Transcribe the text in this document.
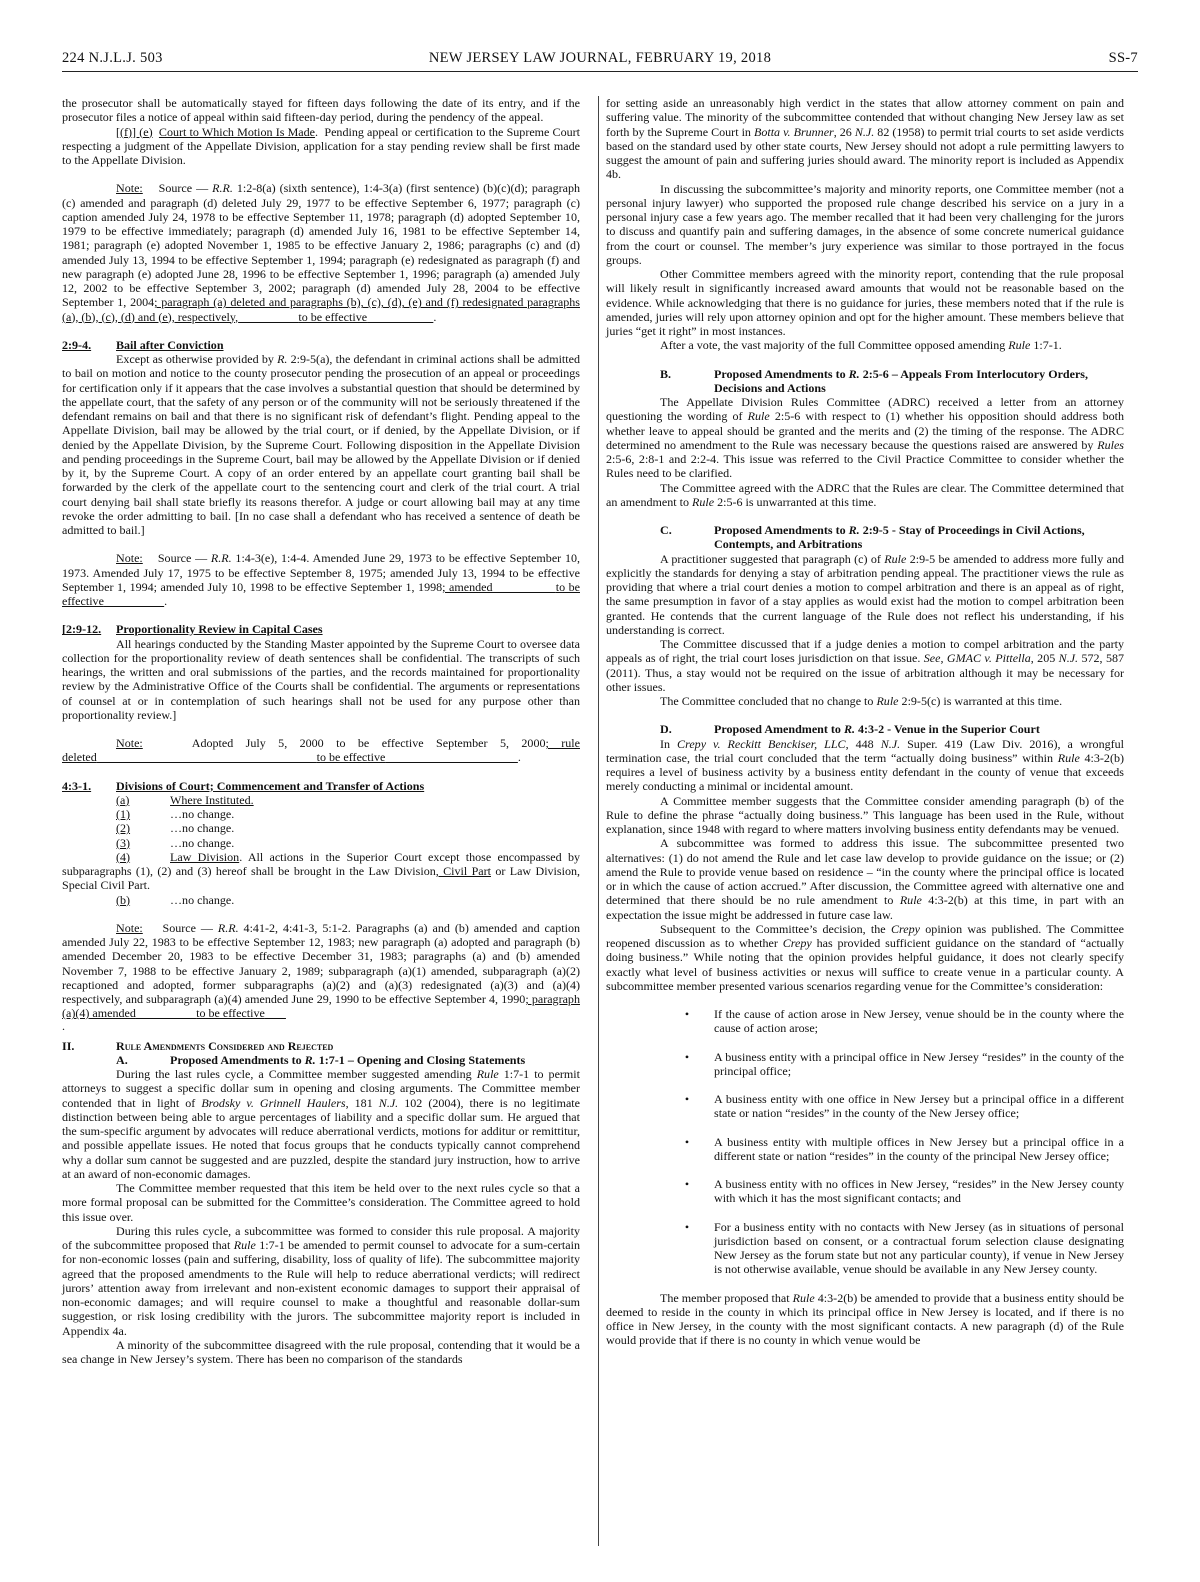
224 N.J.L.J. 503	NEW JERSEY LAW JOURNAL, FEBRUARY 19, 2018	SS-7

the prosecutor shall be automatically stayed for fifteen days following the date of its entry, and if the prosecutor files a notice of appeal within said fifteen-day period, during the pendency of the appeal.

[(f)] (e) Court to Which Motion Is Made.  Pending appeal or certification to the Supreme Court respecting a judgment of the Appellate Division, application for a stay pending review shall be first made to the Appellate Division.

Note: Source — R.R. 1:2-8(a) (sixth sentence), 1:4-3(a) (first sentence) (b)(c)(d); paragraph (c) amended and paragraph (d) deleted July 29, 1977 to be effective September 6, 1977; paragraph (c) caption amended July 24, 1978 to be effective September 11, 1978; paragraph (d) adopted September 10, 1979 to be effective immediately; paragraph (d) amended July 16, 1981 to be effective September 14, 1981; paragraph (e) adopted November 1, 1985 to be effective January 2, 1986; paragraphs (c) and (d) amended July 13, 1994 to be effective September 1, 1994; paragraph (e) redesignated as paragraph (f) and new paragraph (e) adopted June 28, 1996 to be effective September 1, 1996; paragraph (a) amended July 12, 2002 to be effective September 3, 2002; paragraph (d) amended July 28, 2004 to be effective September 1, 2004; paragraph (a) deleted and paragraphs (b), (c), (d), (e) and (f) redesignated paragraphs (a), (b), (c), (d) and (e), respectively,	to be effective	.

2:9-4. Bail after Conviction

Except as otherwise provided by R. 2:9-5(a), the defendant in criminal actions shall be admitted to bail on motion and notice to the county prosecutor pending the prosecution of an appeal or proceedings for certification only if it appears that the case involves a substantial question that should be determined by the appellate court, that the safety of any person or of the community will not be seriously threatened if the defendant remains on bail and that there is no significant risk of defendant’s flight. Pending appeal to the Appellate Division, bail may be allowed by the trial court, or if denied, by the Appellate Division, or if denied by the Appellate Division, by the Supreme Court. Following disposition in the Appellate Division and pending proceedings in the Supreme Court, bail may be allowed by the Appellate Division or if denied by it, by the Supreme Court. A copy of an order entered by an appellate court granting bail shall be forwarded by the clerk of the appellate court to the sentencing court and clerk of the trial court. A trial court denying bail shall state briefly its reasons therefor. A judge or court allowing bail may at any time revoke the order admitting to bail. [In no case shall a defendant who has received a sentence of death be admitted to bail.]

Note: Source — R.R. 1:4-3(e), 1:4-4. Amended June 29, 1973 to be effective September 10, 1973. Amended July 17, 1975 to be effective September 8, 1975; amended July 13, 1994 to be effective September 1, 1994; amended July 10, 1998 to be effective September 1, 1998; amended	to be effective	.

[2:9-12. Proportionality Review in Capital Cases

All hearings conducted by the Standing Master appointed by the Supreme Court to oversee data collection for the proportionality review of death sentences shall be confidential. The transcripts of such hearings, the written and oral submissions of the parties, and the records maintained for proportionality review by the Administrative Office of the Courts shall be confidential. The arguments or representations of counsel at or in contemplation of such hearings shall not be used for any purpose other than proportionality review.]

Note:	Adopted July 5, 2000 to be effective September 5, 2000; rule deleted	to be effective	.

4:3-1. Divisions of Court; Commencement and Transfer of Actions

(a)	Where Instituted.
(1)	…no change.
(2)	…no change.
(3)	…no change.

(4)	Law Division. All actions in the Superior Court except those encompassed by subparagraphs (1), (2) and (3) hereof shall be brought in the Law Division, Civil Part or Law Division, Special Civil Part.

(b)	…no change.

Note: Source — R.R. 4:41-2, 4:41-3, 5:1-2. Paragraphs (a) and (b) amended and caption amended July 22, 1983 to be effective September 12, 1983; new paragraph (a) adopted and paragraph (b) amended December 20, 1983 to be effective December 31, 1983; paragraphs (a) and (b) amended November 7, 1988 to be effective January 2, 1989; subparagraph (a)(1) amended, subparagraph (a)(2) recaptioned and adopted, former subparagraphs (a)(2) and (a)(3) redesignated (a)(3) and (a)(4) respectively, and subparagraph (a)(4) amended June 29, 1990 to be effective September 4, 1990; paragraph (a)(4) amended	to be effective

.

II.	Rule Amendments Considered and Rejected
A.	Proposed Amendments to R. 1:7-1 – Opening and Closing Statements

During the last rules cycle, a Committee member suggested amending Rule 1:7-1 to permit attorneys to suggest a specific dollar sum in opening and closing arguments. The Committee member contended that in light of Brodsky v. Grinnell Haulers, 181 N.J. 102 (2004), there is no legitimate distinction between being able to argue percentages of liability and a specific dollar sum. He argued that the sum-specific argument by advocates will reduce aberrational verdicts, motions for additur or remittitur, and possible appellate issues. He noted that focus groups that he conducts typically cannot comprehend why a dollar sum cannot be suggested and are puzzled, despite the standard jury instruction, how to arrive at an award of non-economic damages.

The Committee member requested that this item be held over to the next rules cycle so that a more formal proposal can be submitted for the Committee’s consideration. The Committee agreed to hold this issue over.

During this rules cycle, a subcommittee was formed to consider this rule proposal. A majority of the subcommittee proposed that Rule 1:7-1 be amended to permit counsel to advocate for a sum-certain for non-economic losses (pain and suffering, disability, loss of quality of life). The subcommittee majority agreed that the proposed amendments to the Rule will help to reduce aberrational verdicts; will redirect jurors’ attention away from irrelevant and non-existent economic damages to support their appraisal of non-economic damages; and will require counsel to make a thoughtful and reasonable dollar-sum suggestion, or risk losing credibility with the jurors. The subcommittee majority report is included in Appendix 4a.

A minority of the subcommittee disagreed with the rule proposal, contending that it would be a sea change in New Jersey’s system. There has been no comparison of the standards

for setting aside an unreasonably high verdict in the states that allow attorney comment on pain and suffering value. The minority of the subcommittee contended that without changing New Jersey law as set forth by the Supreme Court in Botta v. Brunner, 26 N.J. 82 (1958) to permit trial courts to set aside verdicts based on the standard used by other state courts, New Jersey should not adopt a rule permitting lawyers to suggest the amount of pain and suffering juries should award. The minority report is included as Appendix 4b.

In discussing the subcommittee’s majority and minority reports, one Committee member (not a personal injury lawyer) who supported the proposed rule change described his service on a jury in a personal injury case a few years ago. The member recalled that it had been very challenging for the jurors to discuss and quantify pain and suffering damages, in the absence of some concrete numerical guidance from the court or counsel. The member’s jury experience was similar to those portrayed in the focus groups.

Other Committee members agreed with the minority report, contending that the rule proposal will likely result in significantly increased award amounts that would not be reasonable based on the evidence. While acknowledging that there is no guidance for juries, these members noted that if the rule is amended, juries will rely upon attorney opinion and opt for the higher amount. These members believe that juries “get it right” in most instances.

After a vote, the vast majority of the full Committee opposed amending Rule 1:7-1.

B.	Proposed Amendments to R. 2:5-6 – Appeals From Interlocutory Orders, Decisions and Actions

The Appellate Division Rules Committee (ADRC) received a letter from an attorney questioning the wording of Rule 2:5-6 with respect to (1) whether his opposition should address both whether leave to appeal should be granted and the merits and (2) the timing of the response. The ADRC determined no amendment to the Rule was necessary because the questions raised are answered by Rules 2:5-6, 2:8-1 and 2:2-4. This issue was referred to the Civil Practice Committee to consider whether the Rules need to be clarified.

The Committee agreed with the ADRC that the Rules are clear. The Committee determined that an amendment to Rule 2:5-6 is unwarranted at this time.

C.	Proposed Amendments to R. 2:9-5 - Stay of Proceedings in Civil Actions, Contempts, and Arbitrations

A practitioner suggested that paragraph (c) of Rule 2:9-5 be amended to address more fully and explicitly the standards for denying a stay of arbitration pending appeal. The practitioner views the rule as providing that where a trial court denies a motion to compel arbitration and there is an appeal as of right, the same presumption in favor of a stay applies as would exist had the motion to compel arbitration been granted. He contends that the current language of the Rule does not reflect his understanding, if his understanding is correct.

The Committee discussed that if a judge denies a motion to compel arbitration and the party appeals as of right, the trial court loses jurisdiction on that issue. See, GMAC v. Pittella, 205 N.J. 572, 587 (2011). Thus, a stay would not be required on the issue of arbitration although it may be necessary for other issues.

The Committee concluded that no change to Rule 2:9-5(c) is warranted at this time.

D.	Proposed Amendment to R. 4:3-2 - Venue in the Superior Court

In Crepy v. Reckitt Benckiser, LLC, 448 N.J. Super. 419 (Law Div. 2016), a wrongful termination case, the trial court concluded that the term “actually doing business” within Rule 4:3-2(b) requires a level of business activity by a business entity defendant in the county of venue that exceeds merely conducting a minimal or incidental amount.

A Committee member suggests that the Committee consider amending paragraph (b) of the Rule to define the phrase “actually doing business.” This language has been used in the Rule, without explanation, since 1948 with regard to where matters involving business entity defendants may be venued.

A subcommittee was formed to address this issue. The subcommittee presented two alternatives: (1) do not amend the Rule and let case law develop to provide guidance on the issue; or (2) amend the Rule to provide venue based on residence – “in the county where the principal office is located or in which the cause of action accrued.” After discussion, the Committee agreed with alternative one and determined that there should be no rule amendment to Rule 4:3-2(b) at this time, in part with an expectation the issue might be addressed in future case law.

Subsequent to the Committee’s decision, the Crepy opinion was published. The Committee reopened discussion as to whether Crepy has provided sufficient guidance on the standard of “actually doing business.” While noting that the opinion provides helpful guidance, it does not clearly specify exactly what level of business activities or nexus will suffice to create venue in a particular county. A subcommittee member presented various scenarios regarding venue for the Committee’s consideration:

•	If the cause of action arose in New Jersey, venue should be in the county where the cause of action arose;
•	A business entity with a principal office in New Jersey “resides” in the county of the principal office;
•	A business entity with one office in New Jersey but a principal office in a different state or nation “resides” in the county of the New Jersey office;
•	A business entity with multiple offices in New Jersey but a principal office in a different state or nation “resides” in the county of the principal New Jersey office;
•	A business entity with no offices in New Jersey, “resides” in the New Jersey county with which it has the most significant contacts; and
•	For a business entity with no contacts with New Jersey (as in situations of personal jurisdiction based on consent, or a contractual forum selection clause designating New Jersey as the forum state but not any particular county), if venue in New Jersey is not otherwise available, venue should be available in any New Jersey county.

The member proposed that Rule 4:3-2(b) be amended to provide that a business entity should be deemed to reside in the county in which its principal office in New Jersey is located, and if there is no office in New Jersey, in the county with the most significant contacts. A new paragraph (d) of the Rule would provide that if there is no county in which venue would be
